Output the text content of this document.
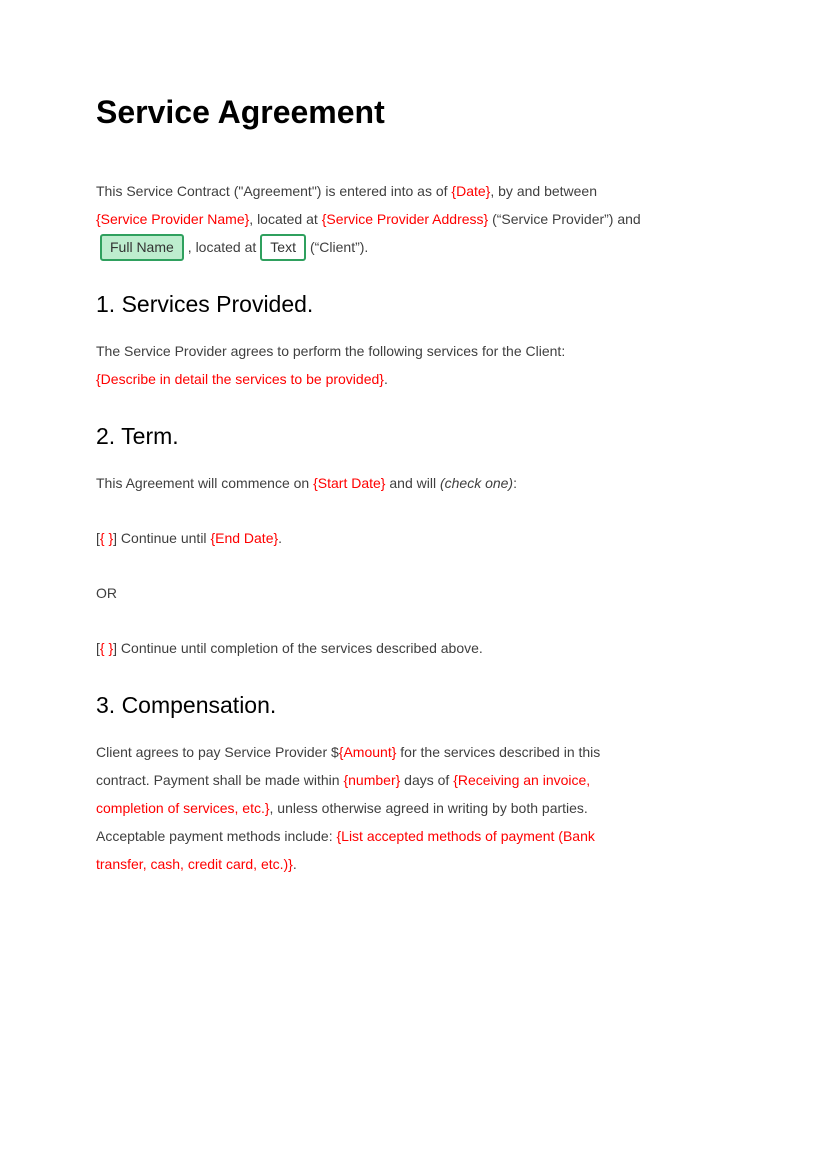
Service Agreement

This Service Contract ("Agreement") is entered into as of {Date}, by and between
{Service Provider Name}, located at {Service Provider Address} (“Service Provider”) and
Full Name , located at Text (“Client”).

1. Services Provided.

The Service Provider agrees to perform the following services for the Client:
{Describe in detail the services to be provided}.

2. Term.

This Agreement will commence on {Start Date} and will (check one):

[{ }] Continue until {End Date}.

OR

[{ }] Continue until completion of the services described above.

3. Compensation.

Client agrees to pay Service Provider ${Amount} for the services described in this
contract. Payment shall be made within {number} days of {Receiving an invoice,
completion of services, etc.}, unless otherwise agreed in writing by both parties.
Acceptable payment methods include: {List accepted methods of payment (Bank
transfer, cash, credit card, etc.)}.
